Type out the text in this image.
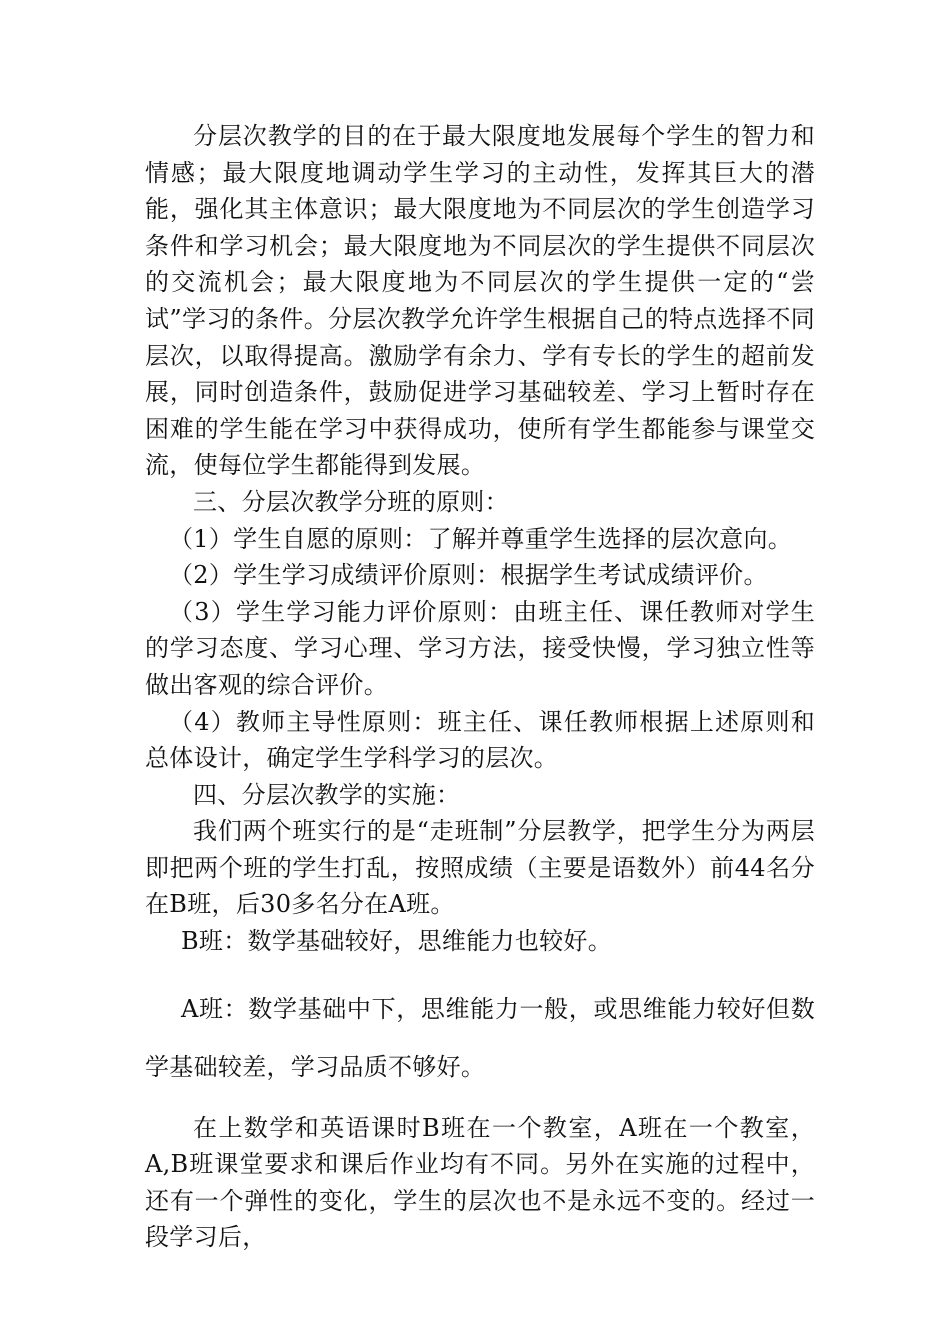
分层次教学的目的在于最大限度地发展每个学生的智力和情感；最大限度地调动学生学习的主动性，发挥其巨大的潜能，强化其主体意识；最大限度地为不同层次的学生创造学习条件和学习机会；最大限度地为不同层次的学生提供不同层次的交流机会；最大限度地为不同层次的学生提供一定的“尝试”学习的条件。分层次教学允许学生根据自己的特点选择不同层次，以取得提高。激励学有余力、学有专长的学生的超前发展，同时创造条件，鼓励促进学习基础较差、学习上暂时存在困难的学生能在学习中获得成功，使所有学生都能参与课堂交流，使每位学生都能得到发展。

三、分层次教学分班的原则：

（1）学生自愿的原则：了解并尊重学生选择的层次意向。

（2）学生学习成绩评价原则：根据学生考试成绩评价。

（3）学生学习能力评价原则：由班主任、课任教师对学生的学习态度、学习心理、学习方法，接受快慢，学习独立性等做出客观的综合评价。

（4）教师主导性原则：班主任、课任教师根据上述原则和总体设计，确定学生学科学习的层次。

四、分层次教学的实施：

我们两个班实行的是“走班制”分层教学，把学生分为两层即把两个班的学生打乱，按照成绩（主要是语数外）前44名分在B班，后30多名分在A班。

B班：数学基础较好，思维能力也较好。

A班：数学基础中下，思维能力一般，或思维能力较好但数学基础较差，学习品质不够好。

在上数学和英语课时B班在一个教室，A班在一个教室，A,B班课堂要求和课后作业均有不同。另外在实施的过程中，还有一个弹性的变化，学生的层次也不是永远不变的。经过一段学习后，
